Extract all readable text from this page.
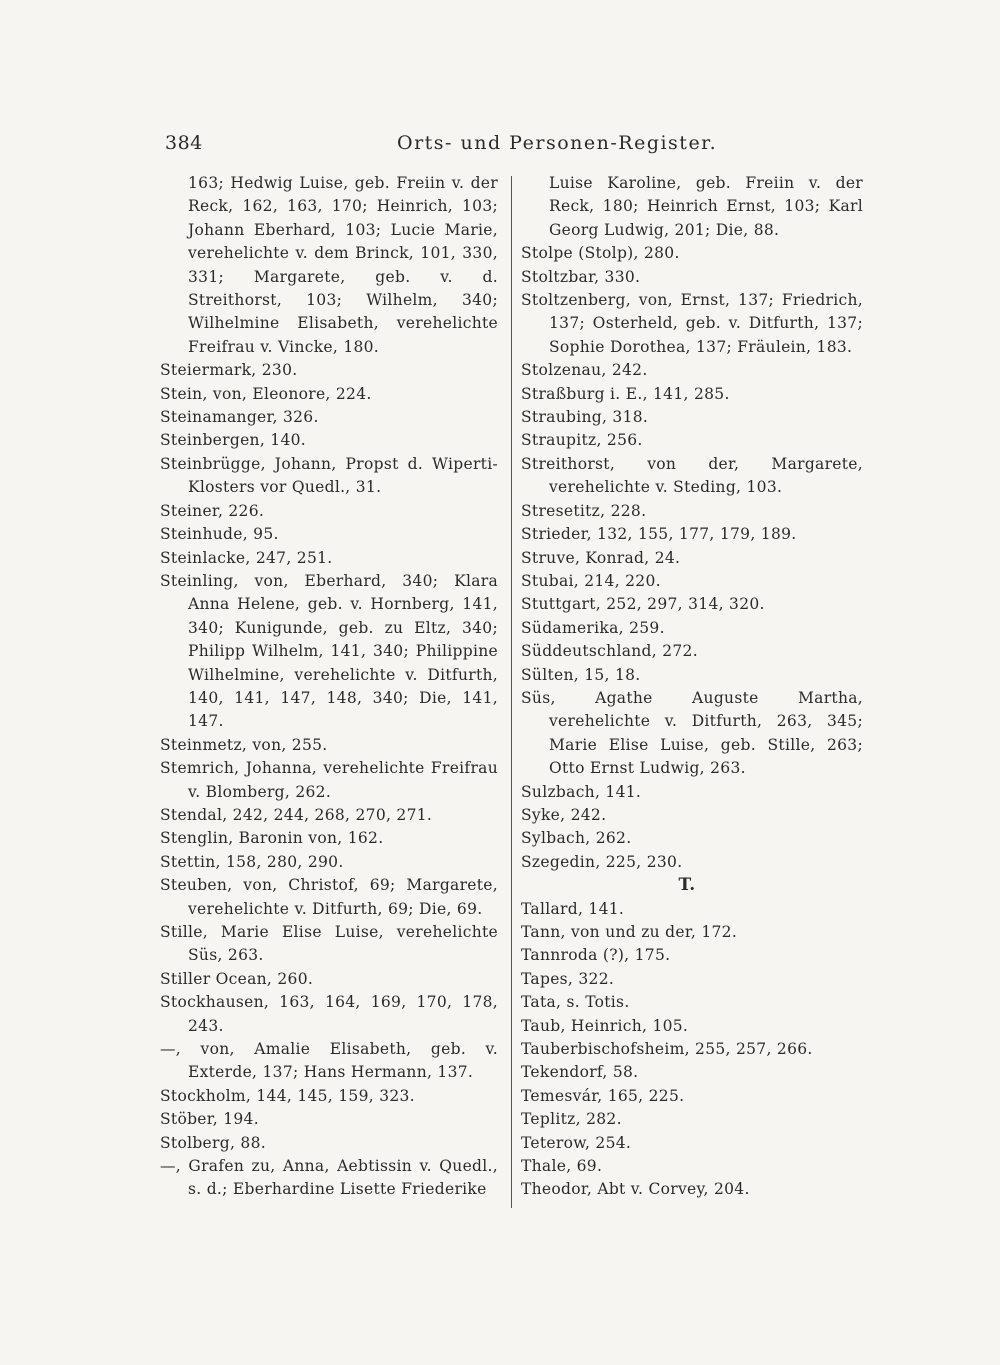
384	Orts- und Personen-Register.
163; Hedwig Luise, geb. Freiin v. der Reck, 162, 163, 170; Heinrich, 103; Johann Eberhard, 103; Lucie Marie, verehelichte v. dem Brinck, 101, 330, 331; Margarete, geb. v. d. Streithorst, 103; Wilhelm, 340; Wilhelmine Elisabeth, verehelichte Freifrau v. Vincke, 180.
Steiermark, 230.
Stein, von, Eleonore, 224.
Steinamanger, 326.
Steinbergen, 140.
Steinbrügge, Johann, Propst d. Wiperti-Klosters vor Quedl., 31.
Steiner, 226.
Steinhude, 95.
Steinlacke, 247, 251.
Steinling, von, Eberhard, 340; Klara Anna Helene, geb. v. Hornberg, 141, 340; Kunigunde, geb. zu Eltz, 340; Philipp Wilhelm, 141, 340; Philippine Wilhelmine, verehelichte v. Ditfurth, 140, 141, 147, 148, 340; Die, 141, 147.
Steinmetz, von, 255.
Stemrich, Johanna, verehelichte Freifrau v. Blomberg, 262.
Stendal, 242, 244, 268, 270, 271.
Stenglin, Baronin von, 162.
Stettin, 158, 280, 290.
Steuben, von, Christof, 69; Margarete, verehelichte v. Ditfurth, 69; Die, 69.
Stille, Marie Elise Luise, verehelichte Süs, 263.
Stiller Ocean, 260.
Stockhausen, 163, 164, 169, 170, 178, 243.
—, von, Amalie Elisabeth, geb. v. Exterde, 137; Hans Hermann, 137.
Stockholm, 144, 145, 159, 323.
Stöber, 194.
Stolberg, 88.
—, Grafen zu, Anna, Aebtissin v. Quedl., s. d.; Eberhardine Lisette Friederike
Luise Karoline, geb. Freiin v. der Reck, 180; Heinrich Ernst, 103; Karl Georg Ludwig, 201; Die, 88.
Stolpe (Stolp), 280.
Stoltzbar, 330.
Stoltzenberg, von, Ernst, 137; Friedrich, 137; Osterheld, geb. v. Ditfurth, 137; Sophie Dorothea, 137; Fräulein, 183.
Stolzenau, 242.
Straßburg i. E., 141, 285.
Straubing, 318.
Straupitz, 256.
Streithorst, von der, Margarete, verehelichte v. Steding, 103.
Stresetitz, 228.
Strieder, 132, 155, 177, 179, 189.
Struve, Konrad, 24.
Stubai, 214, 220.
Stuttgart, 252, 297, 314, 320.
Südamerika, 259.
Süddeutschland, 272.
Sülten, 15, 18.
Süs, Agathe Auguste Martha, verehelichte v. Ditfurth, 263, 345; Marie Elise Luise, geb. Stille, 263; Otto Ernst Ludwig, 263.
Sulzbach, 141.
Syke, 242.
Sylbach, 262.
Szegedin, 225, 230.
T.
Tallard, 141.
Tann, von und zu der, 172.
Tannroda (?), 175.
Tapes, 322.
Tata, s. Totis.
Taub, Heinrich, 105.
Tauberbischofsheim, 255, 257, 266.
Tekendorf, 58.
Temesvár, 165, 225.
Teplitz, 282.
Teterow, 254.
Thale, 69.
Theodor, Abt v. Corvey, 204.
